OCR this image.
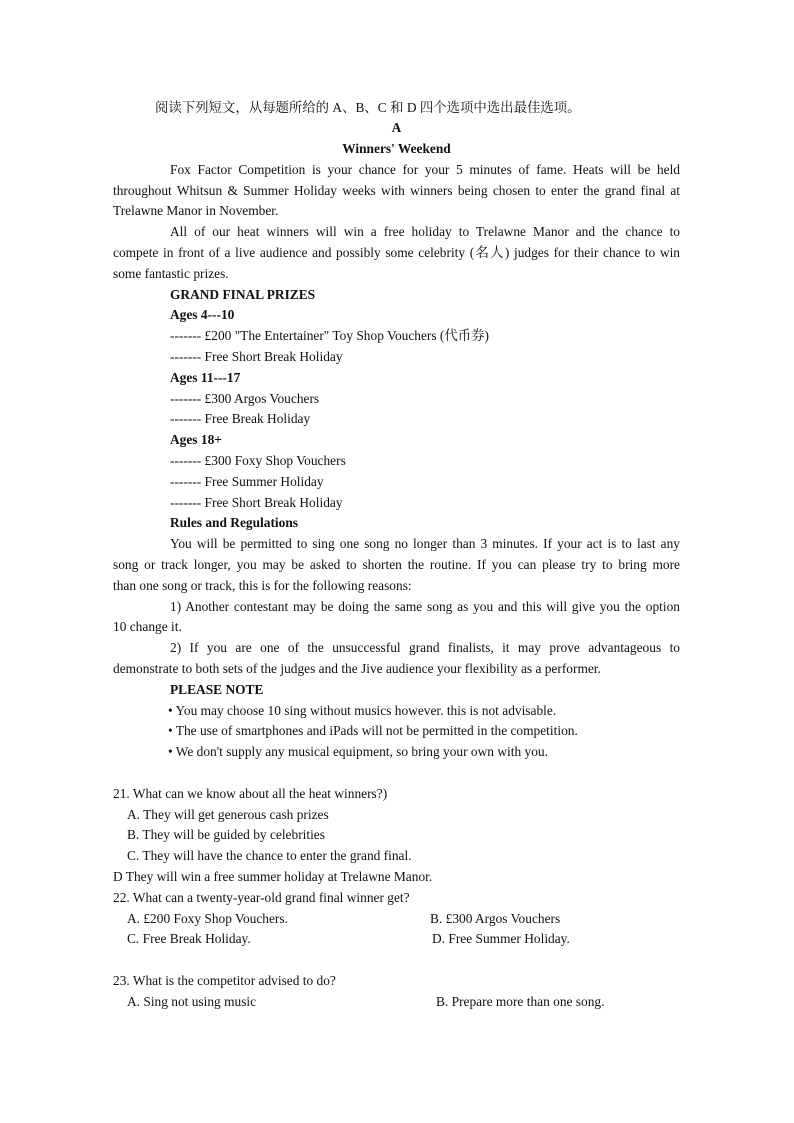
阅读下列短文，从每题所给的 A、B、C 和 D 四个选项中选出最佳选项。
A
Winners' Weekend
Fox Factor Competition is your chance for your 5 minutes of fame. Heats will be held
throughout Whitsun & Summer Holiday weeks with winners being chosen to enter the grand final at
Trelawne Manor in November.
All of our heat winners will win a free holiday to Trelawne Manor and the chance to
compete in front of a live audience and possibly some celebrity (名人) judges for their chance to win
some fantastic prizes.
GRAND FINAL PRIZES
Ages 4---10
------- £200 "The Entertainer" Toy Shop Vouchers (代币券)
------- Free Short Break Holiday
Ages 11---17
------- £300 Argos Vouchers
------- Free Break Holiday
Ages 18+
------- £300 Foxy Shop Vouchers
------- Free Summer Holiday
------- Free Short Break Holiday
Rules and Regulations
You will be permitted to sing one song no longer than 3 minutes. If your act is to last any
song or track longer, you may be asked to shorten the routine. If you can please try to bring more
than one song or track, this is for the following reasons:
1) Another contestant may be doing the same song as you and this will give you the option
10 change it.
2) If you are one of the unsuccessful grand finalists, it may prove advantageous to
demonstrate to both sets of the judges and the Jive audience your flexibility as a performer.
PLEASE NOTE
• You may choose 10 sing without musics however. this is not advisable.
• The use of smartphones and iPads will not be permitted in the competition.
• We don't supply any musical equipment, so bring your own with you.
21. What can we know about all the heat winners?)
A. They will get generous cash prizes
B. They will be guided by celebrities
C. They will have the chance to enter the grand final.
D They will win a free summer holiday at Trelawne Manor.
22. What can a twenty-year-old grand final winner get?
A. £200 Foxy Shop Vouchers.	B. £300 Argos Vouchers
C. Free Break Holiday.	D. Free Summer Holiday.
23. What is the competitor advised to do?
A. Sing not using music	B. Prepare more than one song.
